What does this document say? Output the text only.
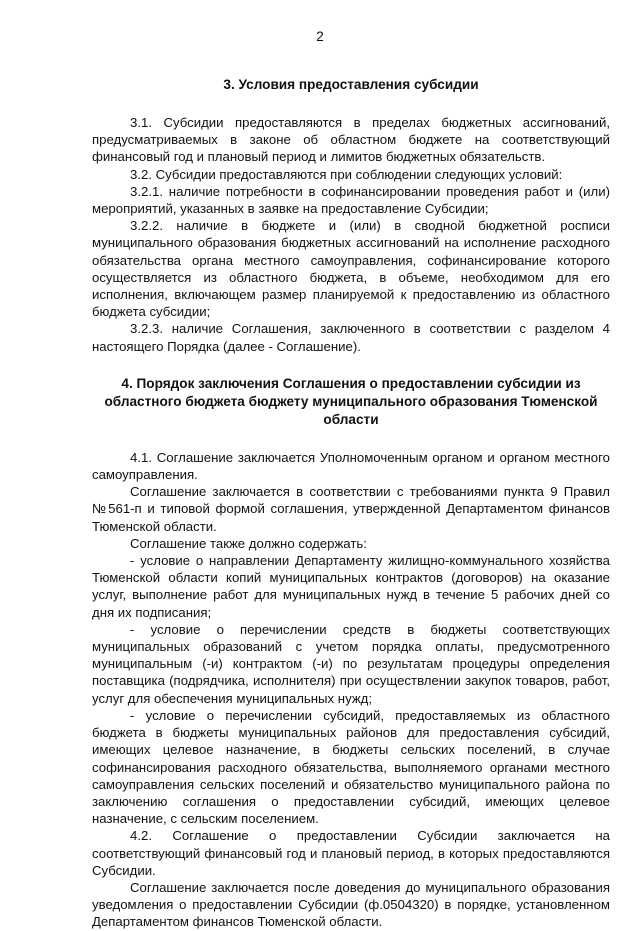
2
3. Условия предоставления субсидии

3.1. Субсидии предоставляются в пределах бюджетных ассигнований, предусматриваемых в законе об областном бюджете на соответствующий финансовый год и плановый период и лимитов бюджетных обязательств.

3.2. Субсидии предоставляются при соблюдении следующих условий:

3.2.1. наличие потребности в софинансировании проведения работ и (или) мероприятий, указанных в заявке на предоставление Субсидии;

3.2.2. наличие в бюджете и (или) в сводной бюджетной росписи муниципального образования бюджетных ассигнований на исполнение расходного обязательства органа местного самоуправления, софинансирование которого осуществляется из областного бюджета, в объеме, необходимом для его исполнения, включающем размер планируемой к предоставлению из областного бюджета субсидии;

3.2.3. наличие Соглашения, заключенного в соответствии с разделом 4 настоящего Порядка (далее - Соглашение).

4. Порядок заключения Соглашения о предоставлении субсидии из областного бюджета бюджету муниципального образования Тюменской области

4.1. Соглашение заключается Уполномоченным органом и органом местного самоуправления.

Соглашение заключается в соответствии с требованиями пункта 9 Правил №561-п и типовой формой соглашения, утвержденной Департаментом финансов Тюменской области.

Соглашение также должно содержать:

- условие о направлении Департаменту жилищно-коммунального хозяйства Тюменской области копий муниципальных контрактов (договоров) на оказание услуг, выполнение работ для муниципальных нужд в течение 5 рабочих дней со дня их подписания;

- условие о перечислении средств в бюджеты соответствующих муниципальных образований с учетом порядка оплаты, предусмотренного муниципальным (-и) контрактом (-и) по результатам процедуры определения поставщика (подрядчика, исполнителя) при осуществлении закупок товаров, работ, услуг для обеспечения муниципальных нужд;

- условие о перечислении субсидий, предоставляемых из областного бюджета в бюджеты муниципальных районов для предоставления субсидий, имеющих целевое назначение, в бюджеты сельских поселений, в случае софинансирования расходного обязательства, выполняемого органами местного самоуправления сельских поселений и обязательство муниципального района по заключению соглашения о предоставлении субсидий, имеющих целевое назначение, с сельским поселением.

4.2. Соглашение о предоставлении Субсидии заключается на соответствующий финансовый год и плановый период, в которых предоставляются Субсидии.

Соглашение заключается после доведения до муниципального образования уведомления о предоставлении Субсидии (ф.0504320) в порядке, установленном Департаментом финансов Тюменской области.
